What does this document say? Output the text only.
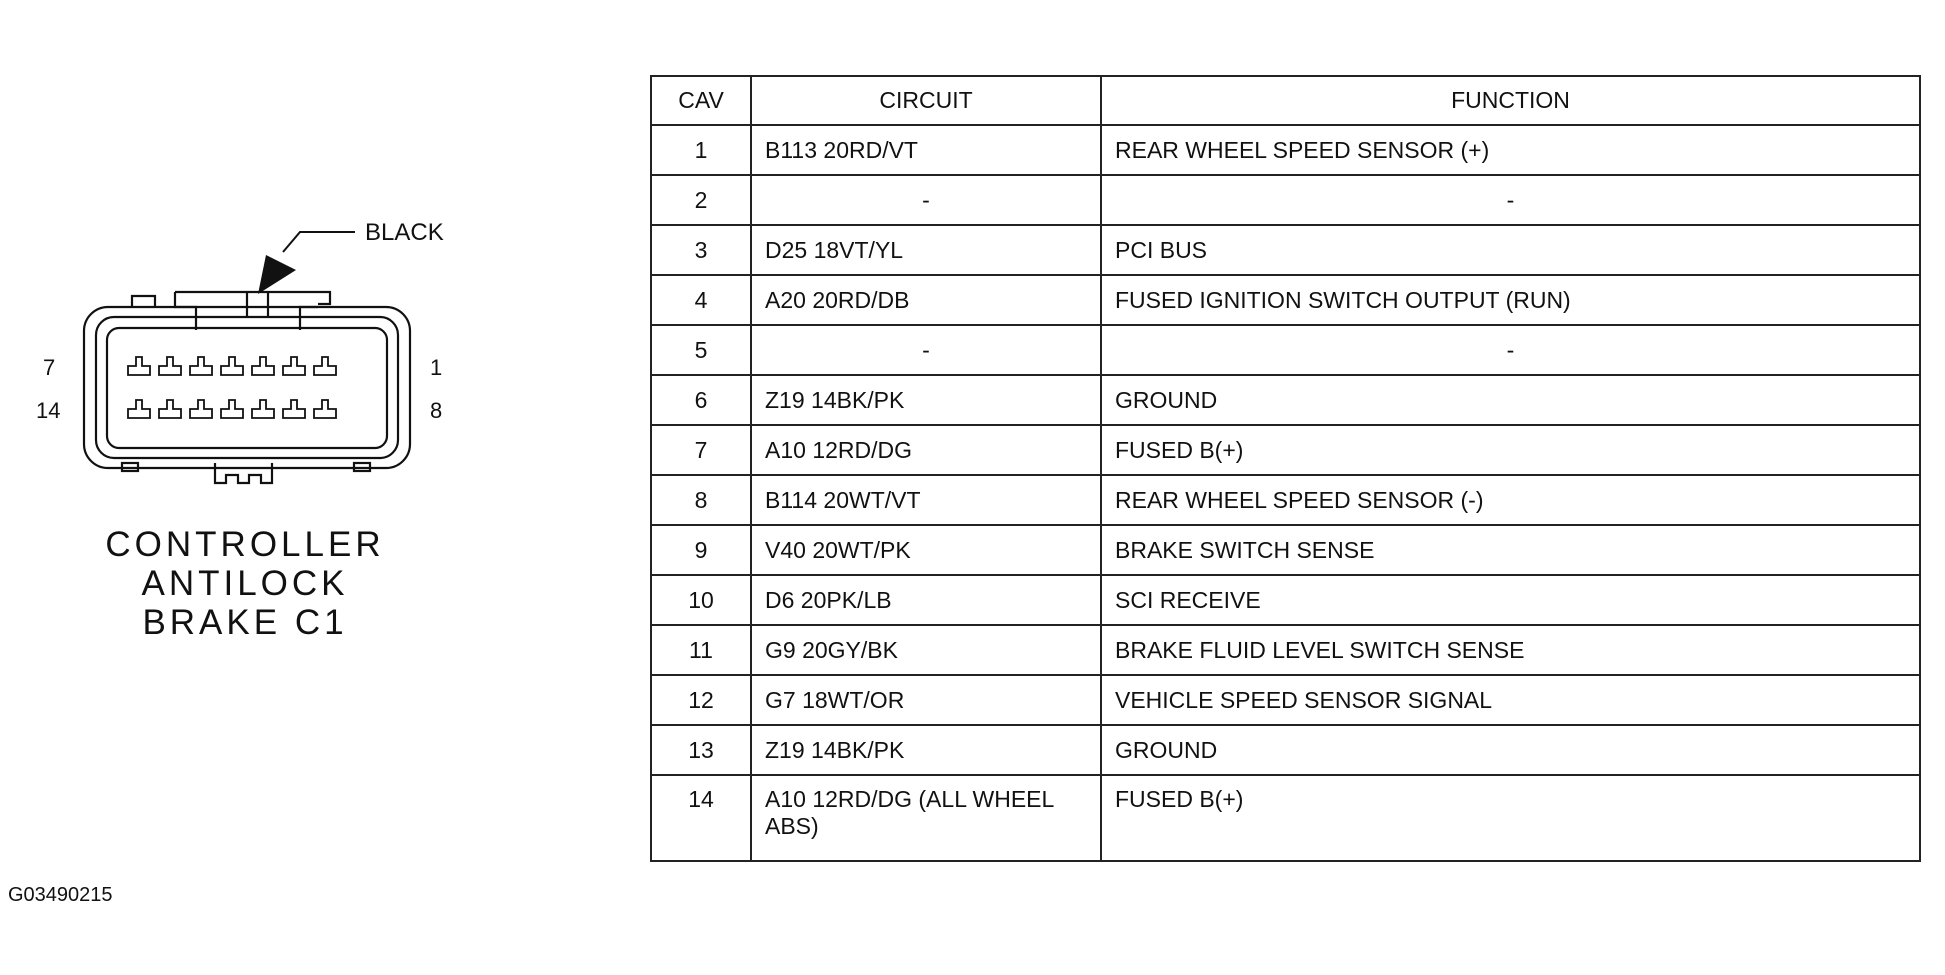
BLACK
7
14
1
8
CONTROLLER
ANTILOCK
BRAKE C1
CAV	CIRCUIT	FUNCTION
1	B113 20RD/VT	REAR WHEEL SPEED SENSOR (+)
2	-	-
3	D25 18VT/YL	PCI BUS
4	A20 20RD/DB	FUSED IGNITION SWITCH OUTPUT (RUN)
5	-	-
6	Z19 14BK/PK	GROUND
7	A10 12RD/DG	FUSED B(+)
8	B114 20WT/VT	REAR WHEEL SPEED SENSOR (-)
9	V40 20WT/PK	BRAKE SWITCH SENSE
10	D6 20PK/LB	SCI RECEIVE
11	G9 20GY/BK	BRAKE FLUID LEVEL SWITCH SENSE
12	G7 18WT/OR	VEHICLE SPEED SENSOR SIGNAL
13	Z19 14BK/PK	GROUND
14	A10 12RD/DG (ALL WHEEL ABS)	FUSED B(+)
G03490215
